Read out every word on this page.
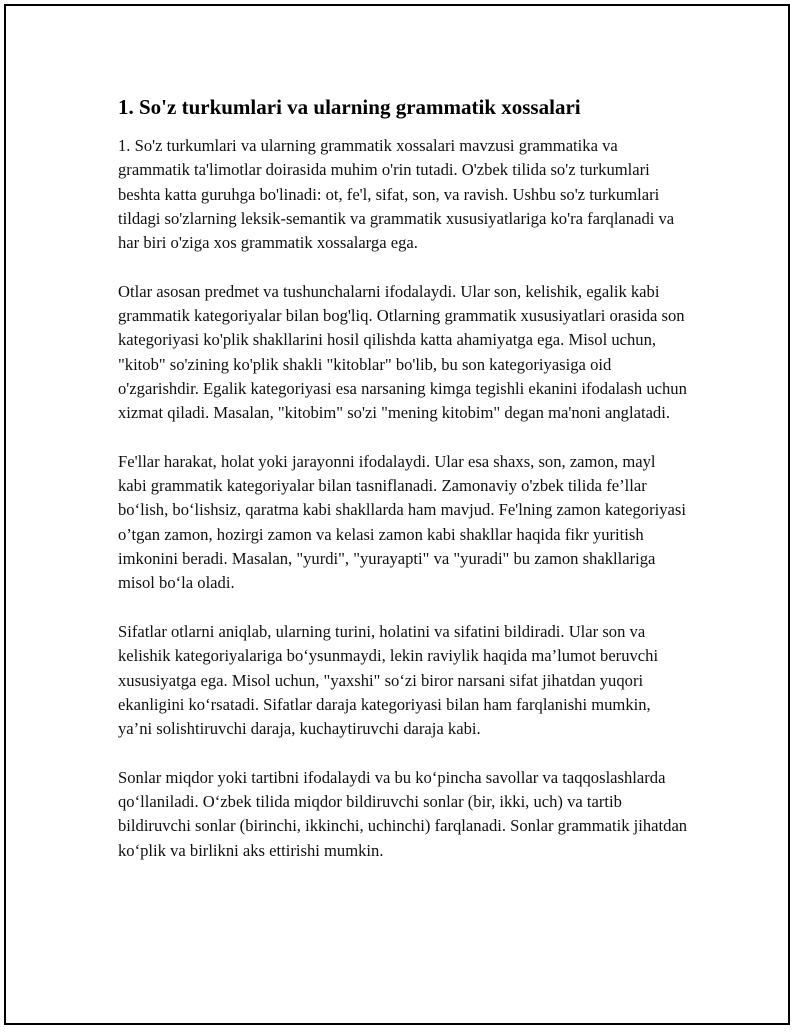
1. So'z turkumlari va ularning grammatik xossalari

1. So'z turkumlari va ularning grammatik xossalari mavzusi grammatika va grammatik ta'limotlar doirasida muhim o'rin tutadi. O'zbek tilida so'z turkumlari beshta katta guruhga bo'linadi: ot, fe'l, sifat, son, va ravish. Ushbu so'z turkumlari tildagi so'zlarning leksik-semantik va grammatik xususiyatlariga ko'ra farqlanadi va har biri o'ziga xos grammatik xossalarga ega.

Otlar asosan predmet va tushunchalarni ifodalaydi. Ular son, kelishik, egalik kabi grammatik kategoriyalar bilan bog'liq. Otlarning grammatik xususiyatlari orasida son kategoriyasi ko'plik shakllarini hosil qilishda katta ahamiyatga ega. Misol uchun, "kitob" so'zining ko'plik shakli "kitoblar" bo'lib, bu son kategoriyasiga oid o'zgarishdir. Egalik kategoriyasi esa narsaning kimga tegishli ekanini ifodalash uchun xizmat qiladi. Masalan, "kitobim" so'zi "mening kitobim" degan ma'noni anglatadi.

Fe'llar harakat, holat yoki jarayonni ifodalaydi. Ular esa shaxs, son, zamon, mayl kabi grammatik kategoriyalar bilan tasniflanadi. Zamonaviy o'zbek tilida fe’llar bo‘lish, bo‘lishsiz, qaratma kabi shakllarda ham mavjud. Fe'lning zamon kategoriyasi o’tgan zamon, hozirgi zamon va kelasi zamon kabi shakllar haqida fikr yuritish imkonini beradi. Masalan, "yurdi", "yurayapti" va "yuradi" bu zamon shakllariga misol bo‘la oladi.

Sifatlar otlarni aniqlab, ularning turini, holatini va sifatini bildiradi. Ular son va kelishik kategoriyalariga bo‘ysunmaydi, lekin raviylik haqida ma’lumot beruvchi xususiyatga ega. Misol uchun, "yaxshi" so‘zi biror narsani sifat jihatdan yuqori ekanligini ko‘rsatadi. Sifatlar daraja kategoriyasi bilan ham farqlanishi mumkin, ya’ni solishtiruvchi daraja, kuchaytiruvchi daraja kabi.

Sonlar miqdor yoki tartibni ifodalaydi va bu ko‘pincha savollar va taqqoslashlarda qo‘llaniladi. O‘zbek tilida miqdor bildiruvchi sonlar (bir, ikki, uch) va tartib bildiruvchi sonlar (birinchi, ikkinchi, uchinchi) farqlanadi. Sonlar grammatik jihatdan ko‘plik va birlikni aks ettirishi mumkin.
